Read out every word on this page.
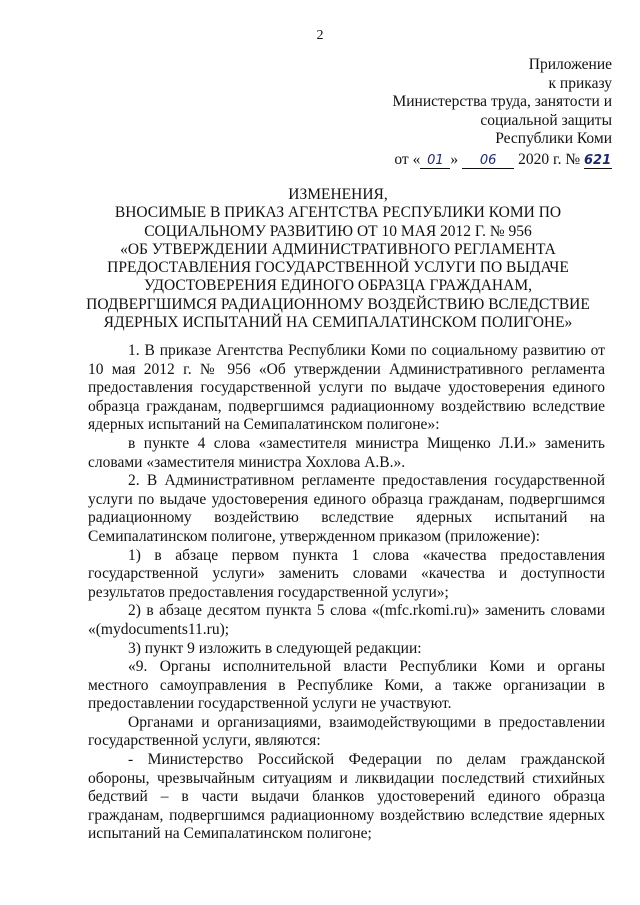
2
Приложение
к приказу
Министерства труда, занятости и
социальной защиты
Республики Коми
от « 01 » 06 2020 г. № 621
ИЗМЕНЕНИЯ,
ВНОСИМЫЕ В ПРИКАЗ АГЕНТСТВА РЕСПУБЛИКИ КОМИ ПО
СОЦИАЛЬНОМУ РАЗВИТИЮ ОТ 10 МАЯ 2012 Г. № 956
«ОБ УТВЕРЖДЕНИИ АДМИНИСТРАТИВНОГО РЕГЛАМЕНТА
ПРЕДОСТАВЛЕНИЯ ГОСУДАРСТВЕННОЙ УСЛУГИ ПО ВЫДАЧЕ
УДОСТОВЕРЕНИЯ ЕДИНОГО ОБРАЗЦА ГРАЖДАНАМ,
ПОДВЕРГШИМСЯ РАДИАЦИОННОМУ ВОЗДЕЙСТВИЮ ВСЛЕДСТВИЕ
ЯДЕРНЫХ ИСПЫТАНИЙ НА СЕМИПАЛАТИНСКОМ ПОЛИГОНЕ»

1. В приказе Агентства Республики Коми по социальному развитию от 10 мая 2012 г. № 956 «Об утверждении Административного регламента предоставления государственной услуги по выдаче удостоверения единого образца гражданам, подвергшимся радиационному воздействию вследствие ядерных испытаний на Семипалатинском полигоне»:

в пункте 4 слова «заместителя министра Мищенко Л.И.» заменить словами «заместителя министра Хохлова А.В.».

2. В Административном регламенте предоставления государственной услуги по выдаче удостоверения единого образца гражданам, подвергшимся радиационному воздействию вследствие ядерных испытаний на Семипалатинском полигоне, утвержденном приказом (приложение):

1) в абзаце первом пункта 1 слова «качества предоставления государственной услуги» заменить словами «качества и доступности результатов предоставления государственной услуги»;

2) в абзаце десятом пункта 5 слова «(mfc.rkomi.ru)» заменить словами «(mydocuments11.ru);

3) пункт 9 изложить в следующей редакции:

«9. Органы исполнительной власти Республики Коми и органы местного самоуправления в Республике Коми, а также организации в предоставлении государственной услуги не участвуют.

Органами и организациями, взаимодействующими в предоставлении государственной услуги, являются:

- Министерство Российской Федерации по делам гражданской обороны, чрезвычайным ситуациям и ликвидации последствий стихийных бедствий – в части выдачи бланков удостоверений единого образца гражданам, подвергшимся радиационному воздействию вследствие ядерных испытаний на Семипалатинском полигоне;
